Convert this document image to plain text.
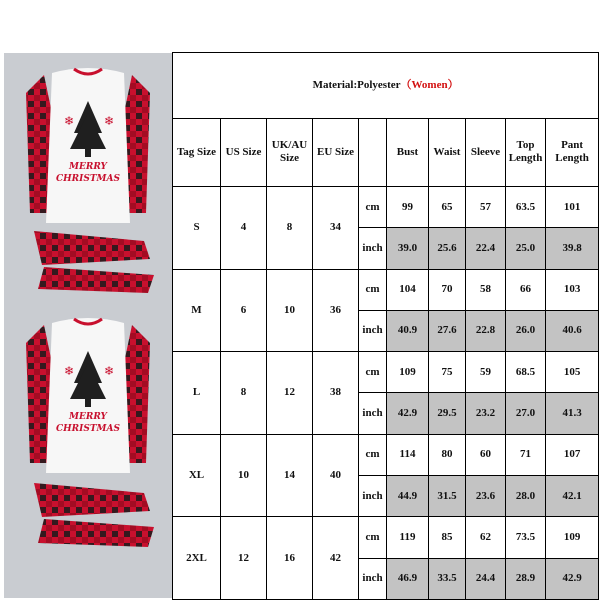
MERRY
CHRISTMAS
❄ ❄
MERRY
CHRISTMAS
❄ ❄
Material:Polyester（Women）									
Tag Size	US Size	UK/AU Size	EU Size		Bust	Waist	Sleeve	Top Length	Pant Length
S	4	8	34	cm	99	65	57	63.5	101
				inch	39.0	25.6	22.4	25.0	39.8
M	6	10	36	cm	104	70	58	66	103
				inch	40.9	27.6	22.8	26.0	40.6
L	8	12	38	cm	109	75	59	68.5	105
				inch	42.9	29.5	23.2	27.0	41.3
XL	10	14	40	cm	114	80	60	71	107
				inch	44.9	31.5	23.6	28.0	42.1
2XL	12	16	42	cm	119	85	62	73.5	109
				inch	46.9	33.5	24.4	28.9	42.9
